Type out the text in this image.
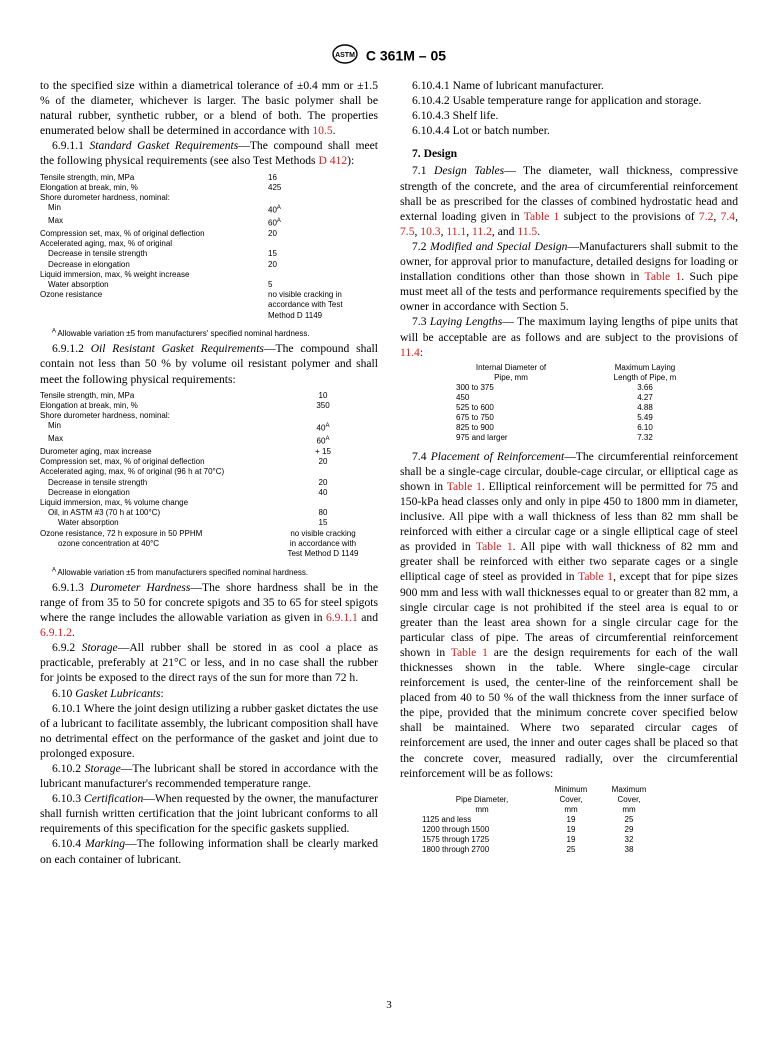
ASTM C 361M – 05

to the specified size within a diametrical tolerance of ±0.4 mm or ±1.5 % of the diameter, whichever is larger. The basic polymer shall be natural rubber, synthetic rubber, or a blend of both. The properties enumerated below shall be determined in accordance with 10.5.

6.9.1.1 Standard Gasket Requirements—The compound shall meet the following physical requirements (see also Test Methods D 412):

Tensile strength, min, MPa	16
Elongation at break, min, %	425
Shore durometer hardness, nominal:	
Min	$40^A$
Max	$60^A$
Compression set, max, % of original deflection	20
Accelerated aging, max, % of original	
Decrease in tensile strength	15
Decrease in elongation	20
Liquid immersion, max, % weight increase	
Water absorption	5
Ozone resistance	no visible cracking in
	accordance with Test
	Method D 1149

$^A$ Allowable variation ±5 from manufacturers' specified nominal hardness.

6.9.1.2 Oil Resistant Gasket Requirements—The compound shall contain not less than 50 % by volume oil resistant polymer and shall meet the following physical requirements:

Tensile strength, min, MPa	10
Elongation at break, min, %	350
Shore durometer hardness, nominal:	
Min	$40^A$
Max	$60^A$
Durometer aging, max increase	+ 15
Compression set, max, % of original deflection	20
Accelerated aging, max, % of original (96 h at 70°C)	
Decrease in tensile strength	20
Decrease in elongation	40
Liquid immersion, max, % volume change	
Oil, in ASTM #3 (70 h at 100°C)	80
Water absorption	15
Ozone resistance, 72 h exposure in 50 PPHM	no visible cracking
ozone concentration at 40°C	in accordance with
	Test Method D 1149

$^A$ Allowable variation ±5 from manufacturers specified nominal hardness.

6.9.1.3 Durometer Hardness—The shore hardness shall be in the range of from 35 to 50 for concrete spigots and 35 to 65 for steel spigots where the range includes the allowable variation as given in 6.9.1.1 and 6.9.1.2.

6.9.2 Storage—All rubber shall be stored in as cool a place as practicable, preferably at 21°C or less, and in no case shall the rubber for joints be exposed to the direct rays of the sun for more than 72 h.

6.10 Gasket Lubricants:

6.10.1 Where the joint design utilizing a rubber gasket dictates the use of a lubricant to facilitate assembly, the lubricant composition shall have no detrimental effect on the performance of the gasket and joint due to prolonged exposure.

6.10.2 Storage—The lubricant shall be stored in accordance with the lubricant manufacturer's recommended temperature range.

6.10.3 Certification—When requested by the owner, the manufacturer shall furnish written certification that the joint lubricant conforms to all requirements of this specification for the specific gaskets supplied.

6.10.4 Marking—The following information shall be clearly marked on each container of lubricant.

6.10.4.1 Name of lubricant manufacturer.

6.10.4.2 Usable temperature range for application and storage.

6.10.4.3 Shelf life.

6.10.4.4 Lot or batch number.

7. Design

7.1 Design Tables— The diameter, wall thickness, compressive strength of the concrete, and the area of circumferential reinforcement shall be as prescribed for the classes of combined hydrostatic head and external loading given in Table 1 subject to the provisions of 7.2, 7.4, 7.5, 10.3, 11.1, 11.2, and 11.5.

7.2 Modified and Special Design—Manufacturers shall submit to the owner, for approval prior to manufacture, detailed designs for loading or installation conditions other than those shown in Table 1. Such pipe must meet all of the tests and performance requirements specified by the owner in accordance with Section 5.

7.3 Laying Lengths— The maximum laying lengths of pipe units that will be acceptable are as follows and are subject to the provisions of 11.4:

Internal Diameter of	Maximum Laying
Pipe, mm	Length of Pipe, m
300 to 375	3.66
450	4.27
525 to 600	4.88
675 to 750	5.49
825 to 900	6.10
975 and larger	7.32

7.4 Placement of Reinforcement—The circumferential reinforcement shall be a single-cage circular, double-cage circular, or elliptical cage as shown in Table 1. Elliptical reinforcement will be permitted for 75 and 150-kPa head classes only and only in pipe 450 to 1800 mm in diameter, inclusive. All pipe with a wall thickness of less than 82 mm shall be reinforced with either a circular cage or a single elliptical cage of steel as provided in Table 1. All pipe with wall thickness of 82 mm and greater shall be reinforced with either two separate cages or a single elliptical cage of steel as provided in Table 1, except that for pipe sizes 900 mm and less with wall thicknesses equal to or greater than 82 mm, a single circular cage is not prohibited if the steel area is equal to or greater than the least area shown for a single circular cage for the particular class of pipe. The areas of circumferential reinforcement shown in Table 1 are the design requirements for each of the wall thicknesses shown in the table. Where single-cage circular reinforcement is used, the center-line of the reinforcement shall be placed from 40 to 50 % of the wall thickness from the inner surface of the pipe, provided that the minimum concrete cover specified below shall be maintained. Where two separated circular cages of reinforcement are used, the inner and outer cages shall be placed so that the concrete cover, measured radially, over the circumferential reinforcement will be as follows:

	Minimum	Maximum
Pipe Diameter,	Cover,	Cover,
mm	mm	mm
1125 and less	19	25
1200 through 1500	19	29
1575 through 1725	19	32
1800 through 2700	25	38
3
